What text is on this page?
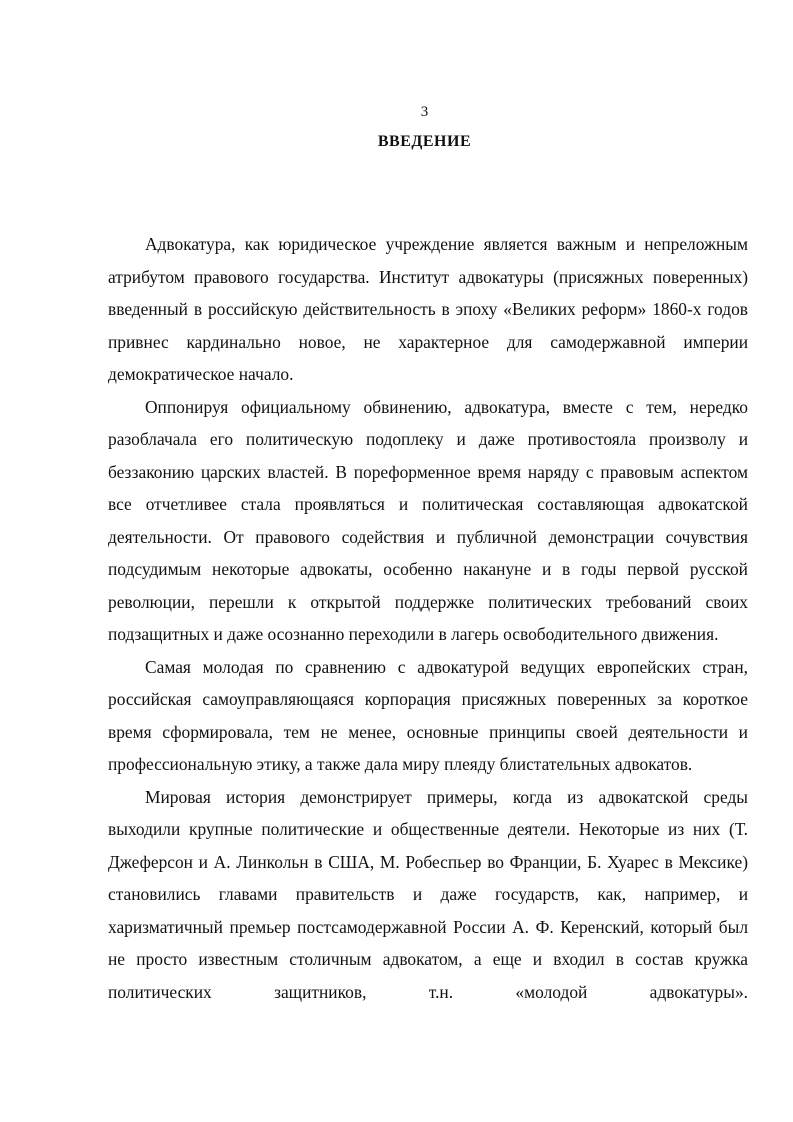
3
ВВЕДЕНИЕ

Адвокатура, как юридическое учреждение является важным и непреложным атрибутом правового государства. Институт адвокатуры (присяжных поверенных) введенный в российскую действительность в эпоху «Великих реформ» 1860-х годов привнес кардинально новое, не характерное для самодержавной империи демократическое начало.

Оппонируя официальному обвинению, адвокатура, вместе с тем, нередко разоблачала его политическую подоплеку и даже противостояла произволу и беззаконию царских властей. В пореформенное время наряду с правовым аспектом все отчетливее стала проявляться и политическая составляющая адвокатской деятельности. От правового содействия и публичной демонстрации сочувствия подсудимым некоторые адвокаты, особенно накануне и в годы первой русской революции, перешли к открытой поддержке политических требований своих подзащитных и даже осознанно переходили в лагерь освободительного движения.

Самая молодая по сравнению с адвокатурой ведущих европейских стран, российская самоуправляющаяся корпорация присяжных поверенных за короткое время сформировала, тем не менее, основные принципы своей деятельности и профессиональную этику, а также дала миру плеяду блистательных адвокатов.

Мировая история демонстрирует примеры, когда из адвокатской среды выходили крупные политические и общественные деятели. Некоторые из них (Т. Джеферсон и А. Линкольн в США, М. Робеспьер во Франции, Б. Хуарес в Мексике) становились главами правительств и даже государств, как, например, и харизматичный премьер постсамодержавной России А. Ф. Керенский, который был не просто известным столичным адвокатом, а еще и входил в состав кружка политических защитников, т.н. «молодой адвокатуры».
